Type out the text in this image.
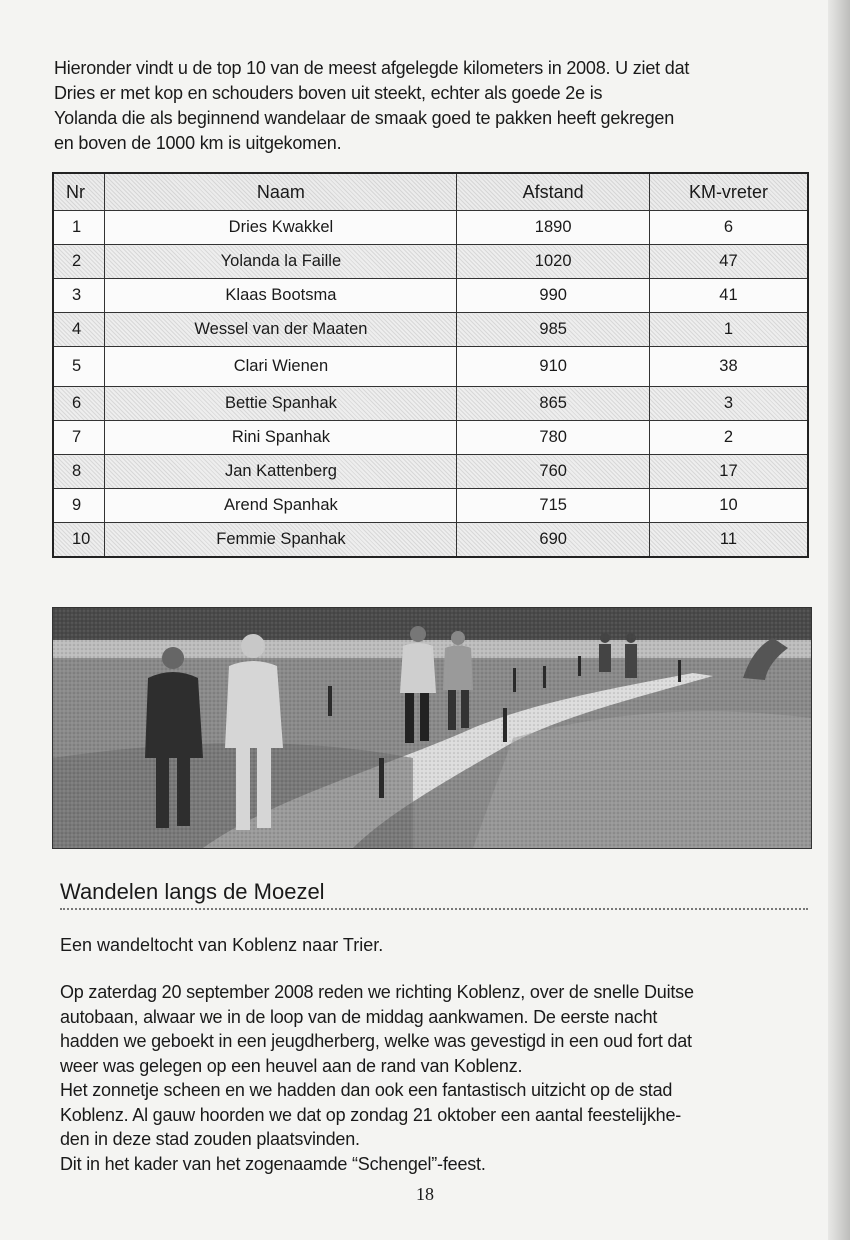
Hieronder vindt u de top 10 van de meest afgelegde kilometers in 2008. U ziet dat

Dries er met kop en schouders boven uit steekt, echter als goede 2e is

Yolanda die als beginnend wandelaar de smaak goed te pakken heeft gekregen

en boven de 1000 km is uitgekomen.

Nr	Naam	Afstand	KM-vreter
1	Dries Kwakkel	1890	6
2	Yolanda la Faille	1020	47
3	Klaas Bootsma	990	41
4	Wessel van der Maaten	985	1
5	Clari Wienen	910	38
6	Bettie Spanhak	865	3
7	Rini Spanhak	780	2
8	Jan Kattenberg	760	17
9	Arend Spanhak	715	10
10	Femmie Spanhak	690	11
Wandelen langs de Moezel
Een wandeltocht van Koblenz naar Trier.

Op zaterdag 20 september 2008 reden we richting Koblenz, over de snelle Duitse

autobaan, alwaar we in de loop van de middag aankwamen. De eerste nacht

hadden we geboekt in een jeugdherberg, welke was gevestigd in een oud fort dat

weer was gelegen op een heuvel aan de rand van Koblenz.

Het zonnetje scheen en we hadden dan ook een fantastisch uitzicht op de stad

Koblenz. Al gauw hoorden we dat op zondag 21 oktober een aantal feestelijkhe-

den in deze stad zouden plaatsvinden.

Dit in het kader van het zogenaamde “Schengel”-feest.

18
